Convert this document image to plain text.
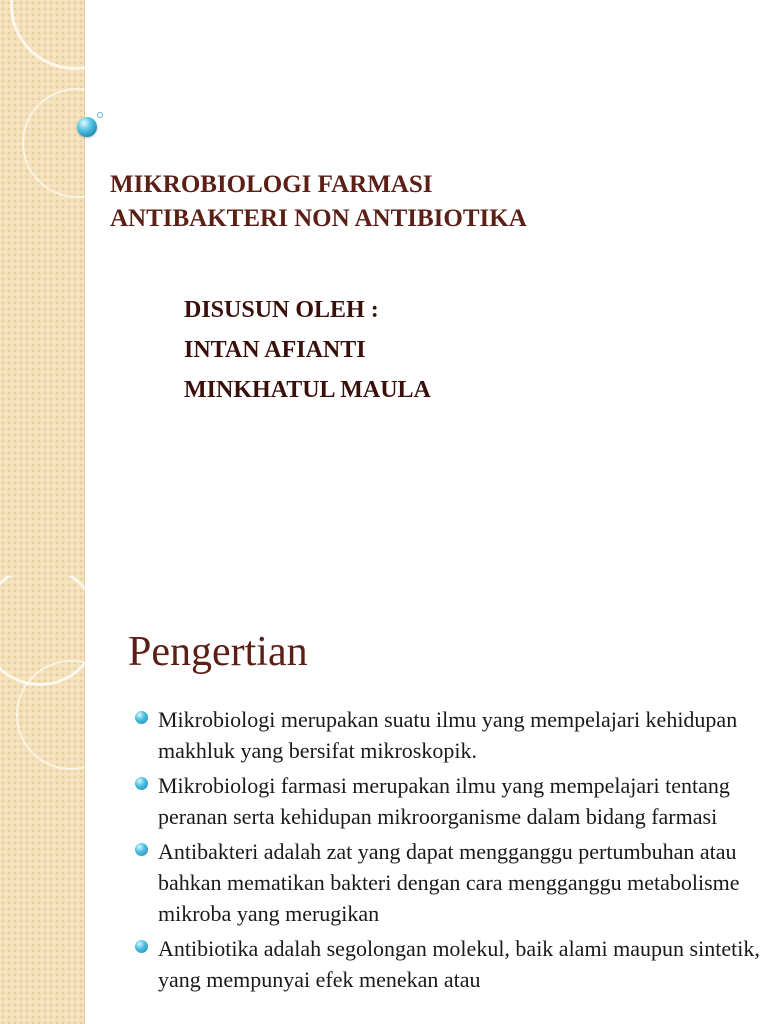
MIKROBIOLOGI FARMASI
ANTIBAKTERI NON ANTIBIOTIKA
DISUSUN OLEH :
INTAN AFIANTI
MINKHATUL MAULA
Pengertian
Mikrobiologi merupakan suatu ilmu yang mempelajari kehidupan makhluk yang bersifat mikroskopik.
Mikrobiologi farmasi merupakan ilmu yang mempelajari tentang peranan serta kehidupan mikroorganisme dalam bidang farmasi
Antibakteri adalah zat yang dapat mengganggu pertumbuhan atau bahkan mematikan bakteri dengan cara mengganggu metabolisme mikroba yang merugikan
Antibiotika adalah segolongan molekul, baik alami maupun sintetik, yang mempunyai efek menekan atau
